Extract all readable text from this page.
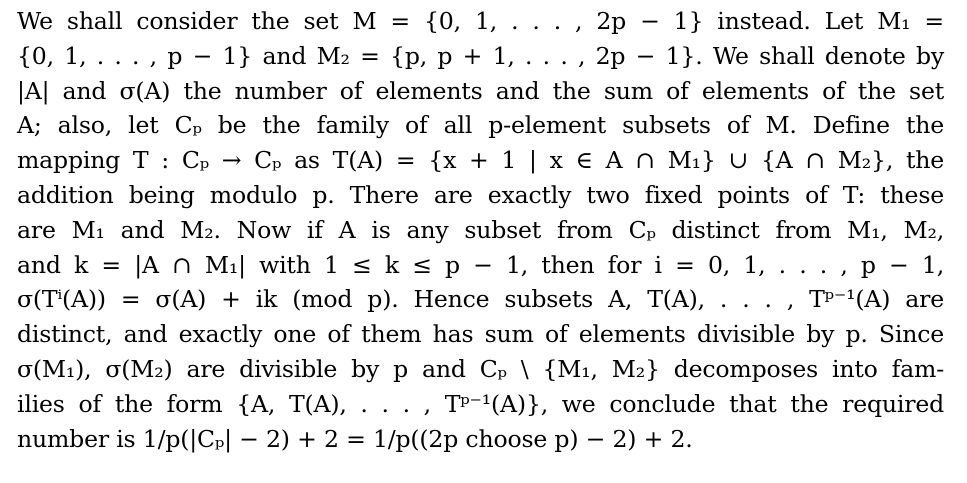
We shall consider the set M = {0, 1, . . . , 2p − 1} instead. Let M₁ =
{0, 1, . . . , p − 1} and M₂ = {p, p + 1, . . . , 2p − 1}. We shall denote by
|A| and σ(A) the number of elements and the sum of elements of the set
A; also, let Cₚ be the family of all p-element subsets of M. Define the
mapping T : Cₚ → Cₚ as T(A) = {x + 1 | x ∈ A ∩ M₁} ∪ {A ∩ M₂}, the
addition being modulo p. There are exactly two fixed points of T: these
are M₁ and M₂. Now if A is any subset from Cₚ distinct from M₁, M₂,
and k = |A ∩ M₁| with 1 ≤ k ≤ p − 1, then for i = 0, 1, . . . , p − 1,
σ(Tⁱ(A)) = σ(A) + ik (mod p). Hence subsets A, T(A), . . . , Tᵖ⁻¹(A) are
distinct, and exactly one of them has sum of elements divisible by p. Since
σ(M₁), σ(M₂) are divisible by p and Cₚ \ {M₁, M₂} decomposes into fam-
ilies of the form {A, T(A), . . . , Tᵖ⁻¹(A)}, we conclude that the required
number is 1/p(|Cₚ| − 2) + 2 = 1/p((2p choose p) − 2) + 2.
